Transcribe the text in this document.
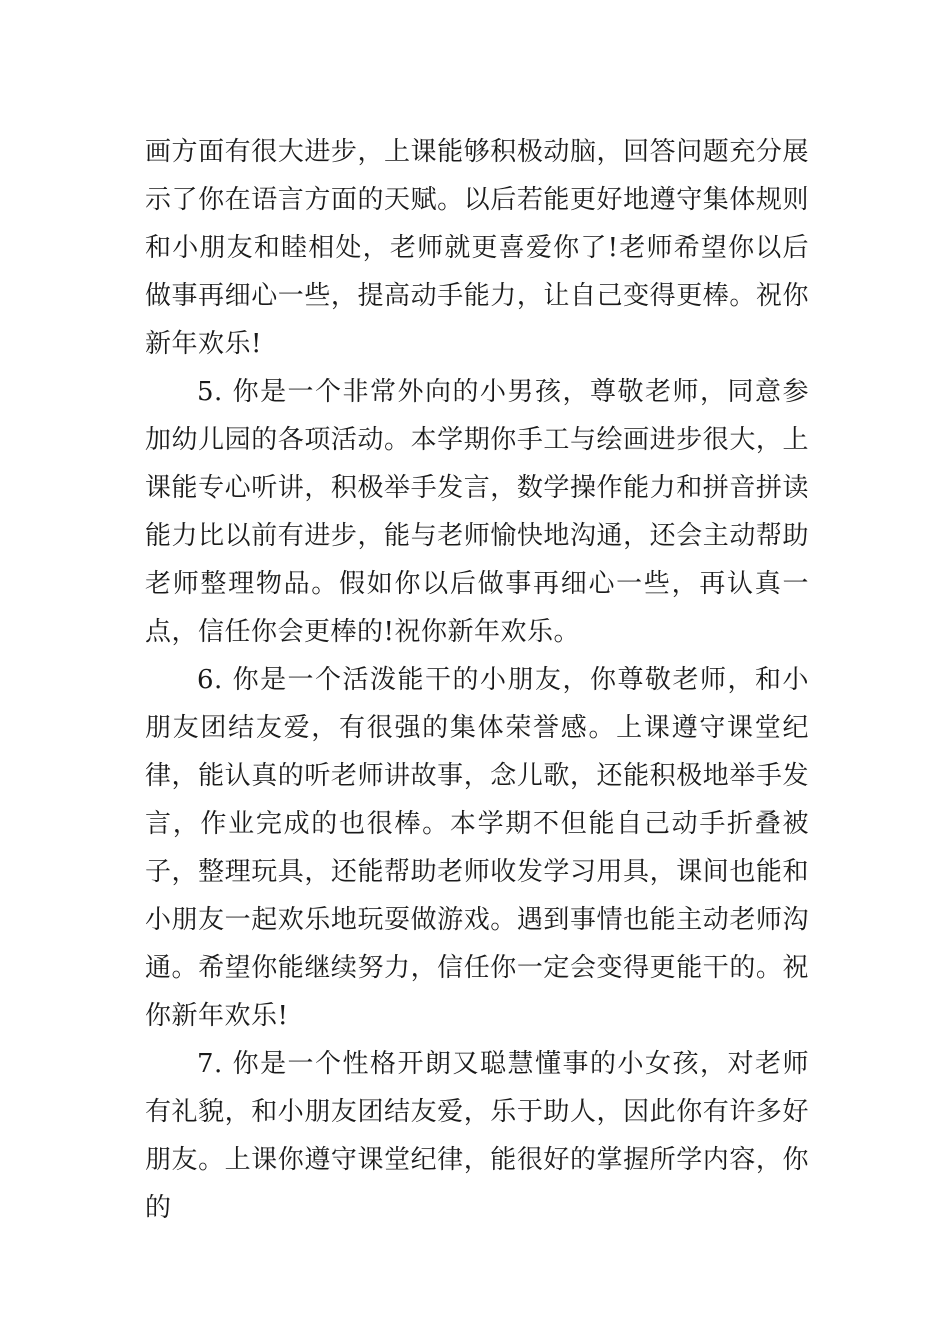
画方面有很大进步，上课能够积极动脑，回答问题充分展示了你在语言方面的天赋。以后若能更好地遵守集体规则和小朋友和睦相处，老师就更喜爱你了!老师希望你以后做事再细心一些，提高动手能力，让自己变得更棒。祝你新年欢乐!

5. 你是一个非常外向的小男孩，尊敬老师，同意参加幼儿园的各项活动。本学期你手工与绘画进步很大，上课能专心听讲，积极举手发言，数学操作能力和拼音拼读能力比以前有进步，能与老师愉快地沟通，还会主动帮助老师整理物品。假如你以后做事再细心一些，再认真一点，信任你会更棒的!祝你新年欢乐。

6. 你是一个活泼能干的小朋友，你尊敬老师，和小朋友团结友爱，有很强的集体荣誉感。上课遵守课堂纪律，能认真的听老师讲故事，念儿歌，还能积极地举手发言，作业完成的也很棒。本学期不但能自己动手折叠被子，整理玩具，还能帮助老师收发学习用具，课间也能和小朋友一起欢乐地玩耍做游戏。遇到事情也能主动老师沟通。希望你能继续努力，信任你一定会变得更能干的。祝你新年欢乐!

7. 你是一个性格开朗又聪慧懂事的小女孩，对老师有礼貌，和小朋友团结友爱，乐于助人，因此你有许多好朋友。上课你遵守课堂纪律，能很好的掌握所学内容，你的
